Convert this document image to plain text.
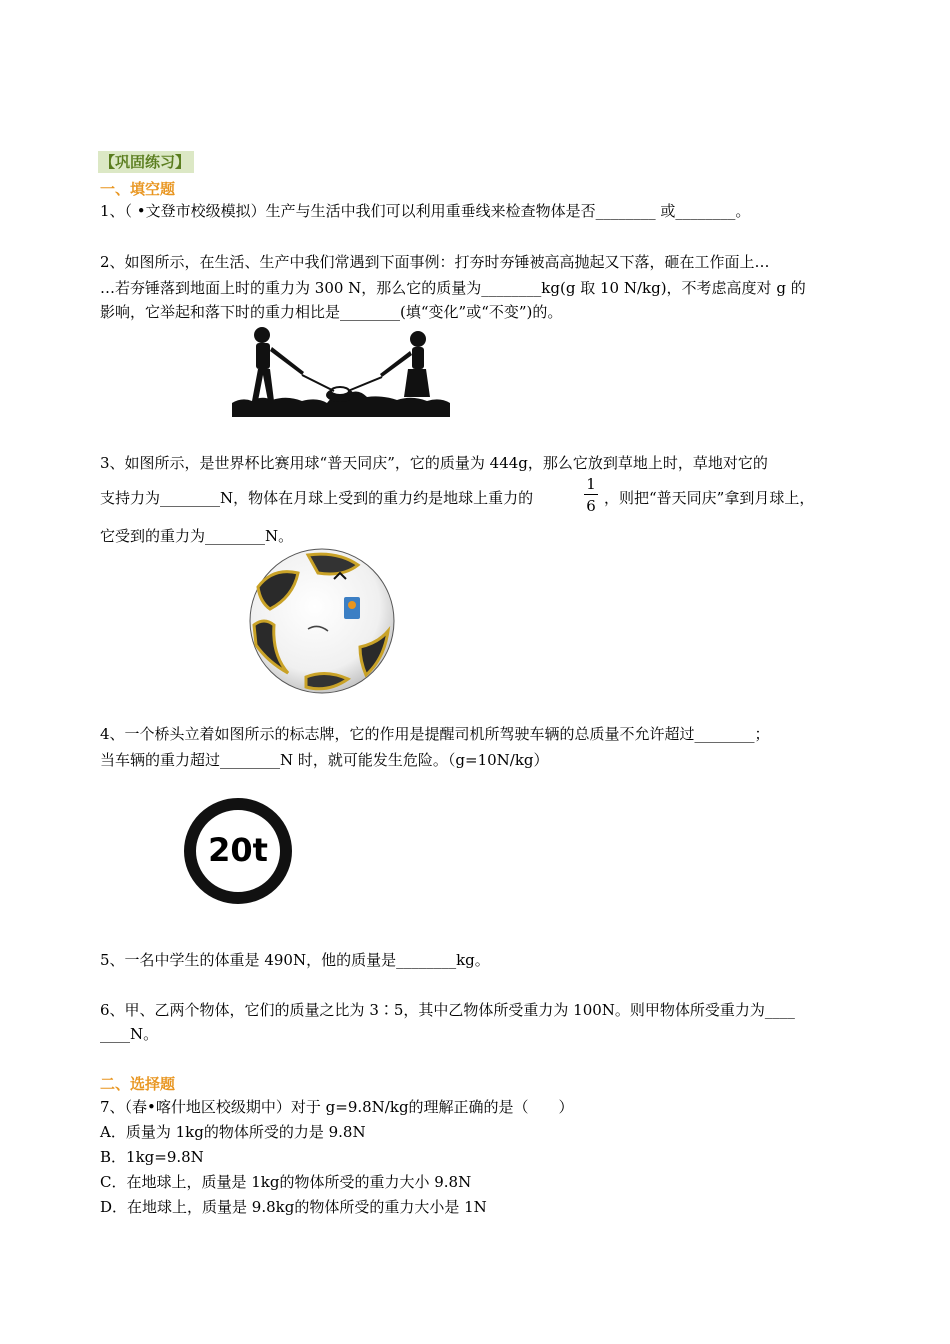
【巩固练习】
一、填空题
1、（ •文登市校级模拟）生产与生活中我们可以利用重垂线来检查物体是否________ 或________。
2、如图所示，在生活、生产中我们常遇到下面事例：打夯时夯锤被高高抛起又下落，砸在工作面上…
…若夯锤落到地面上时的重力为 300 N，那么它的质量为________kg(g 取 10 N/kg)，不考虑高度对 g 的
影响，它举起和落下时的重力相比是________(填“变化”或“不变”)的。
3、如图所示，是世界杯比赛用球“普天同庆”，它的质量为 444g，那么它放到草地上时，草地对它的
支持力为________N，物体在月球上受到的重力约是地球上重力的
1
6 ，则把“普天同庆”拿到月球上，
它受到的重力为________N。
4、一个桥头立着如图所示的标志牌，它的作用是提醒司机所驾驶车辆的总质量不允许超过________；
当车辆的重力超过________N 时，就可能发生危险。（g=10N/kg）
20t
5、一名中学生的体重是 490N，他的质量是________kg。
6、甲、乙两个物体，它们的质量之比为 3∶5，其中乙物体所受重力为 100N。则甲物体所受重力为____
____N。
二、选择题
7、（春•喀什地区校级期中）对于 g=9.8N/kg的理解正确的是（　　）
A．质量为 1kg的物体所受的力是 9.8N
B．1kg=9.8N
C．在地球上，质量是 1kg的物体所受的重力大小 9.8N
D．在地球上，质量是 9.8kg的物体所受的重力大小是 1N
